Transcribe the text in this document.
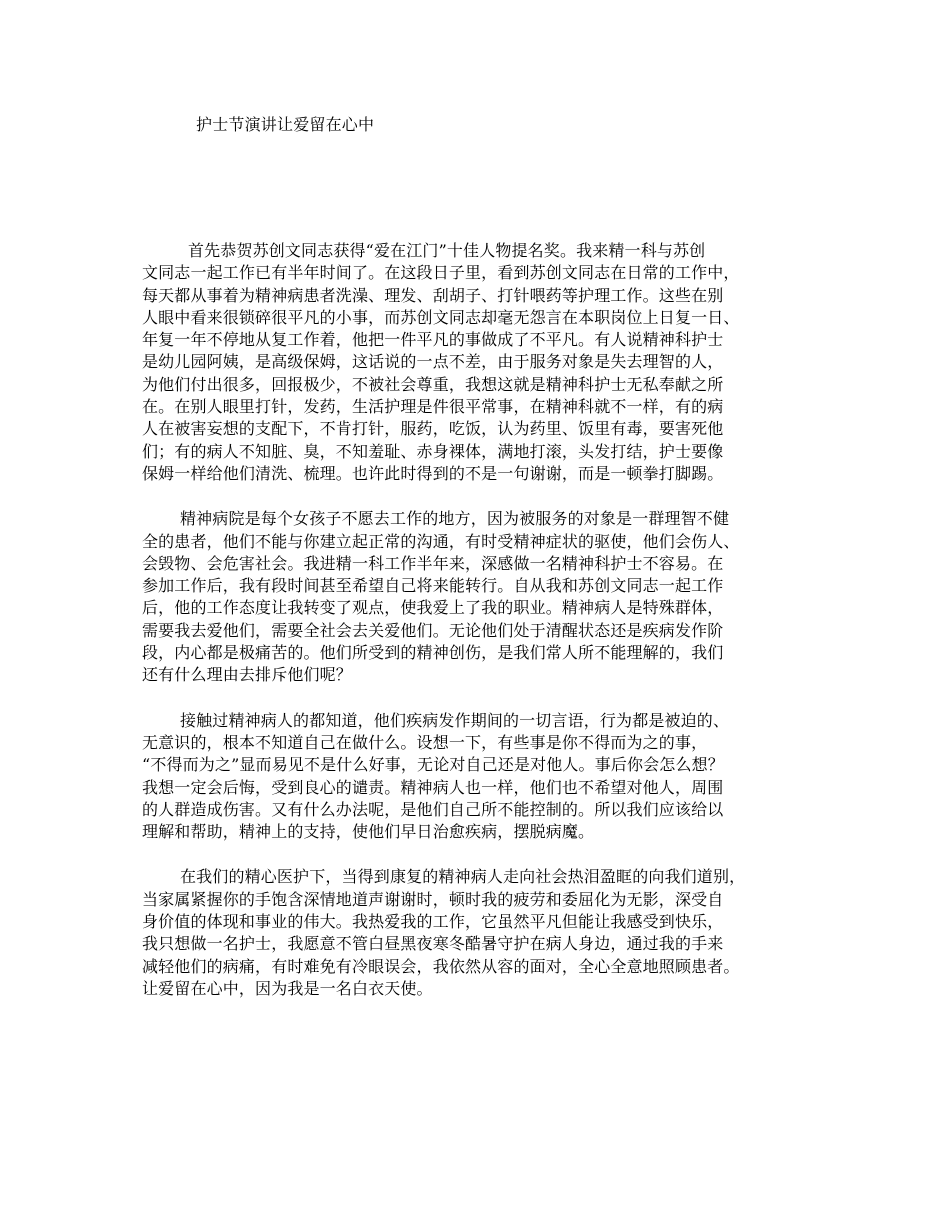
护士节演讲让爱留在心中
首先恭贺苏创文同志获得“爱在江门”十佳人物提名奖。我来精一科与苏创
文同志一起工作已有半年时间了。在这段日子里，看到苏创文同志在日常的工作中，
每天都从事着为精神病患者洗澡、理发、刮胡子、打针喂药等护理工作。这些在别
人眼中看来很锁碎很平凡的小事，而苏创文同志却毫无怨言在本职岗位上日复一日、
年复一年不停地从复工作着，他把一件平凡的事做成了不平凡。有人说精神科护士
是幼儿园阿姨，是高级保姆，这话说的一点不差，由于服务对象是失去理智的人，
为他们付出很多，回报极少，不被社会尊重，我想这就是精神科护士无私奉献之所
在。在别人眼里打针，发药，生活护理是件很平常事，在精神科就不一样，有的病
人在被害妄想的支配下，不肯打针，服药，吃饭，认为药里、饭里有毒，要害死他
们；有的病人不知脏、臭，不知羞耻、赤身裸体，满地打滚，头发打结，护士要像
保姆一样给他们清洗、梳理。也许此时得到的不是一句谢谢，而是一顿拳打脚踢。
精神病院是每个女孩子不愿去工作的地方，因为被服务的对象是一群理智不健
全的患者，他们不能与你建立起正常的沟通，有时受精神症状的驱使，他们会伤人、
会毁物、会危害社会。我进精一科工作半年来，深感做一名精神科护士不容易。在
参加工作后，我有段时间甚至希望自己将来能转行。自从我和苏创文同志一起工作
后，他的工作态度让我转变了观点，使我爱上了我的职业。精神病人是特殊群体，
需要我去爱他们，需要全社会去关爱他们。无论他们处于清醒状态还是疾病发作阶
段，内心都是极痛苦的。他们所受到的精神创伤，是我们常人所不能理解的，我们
还有什么理由去排斥他们呢？
接触过精神病人的都知道，他们疾病发作期间的一切言语，行为都是被迫的、
无意识的，根本不知道自己在做什么。设想一下，有些事是你不得而为之的事，
“不得而为之”显而易见不是什么好事，无论对自己还是对他人。事后你会怎么想？
我想一定会后悔，受到良心的谴责。精神病人也一样，他们也不希望对他人，周围
的人群造成伤害。又有什么办法呢，是他们自己所不能控制的。所以我们应该给以
理解和帮助，精神上的支持，使他们早日治愈疾病，摆脱病魔。
在我们的精心医护下，当得到康复的精神病人走向社会热泪盈眶的向我们道别，
当家属紧握你的手饱含深情地道声谢谢时，顿时我的疲劳和委屈化为无影，深受自
身价值的体现和事业的伟大。我热爱我的工作，它虽然平凡但能让我感受到快乐，
我只想做一名护士，我愿意不管白昼黑夜寒冬酷暑守护在病人身边，通过我的手来
减轻他们的病痛，有时难免有冷眼误会，我依然从容的面对，全心全意地照顾患者。
让爱留在心中，因为我是一名白衣天使。
